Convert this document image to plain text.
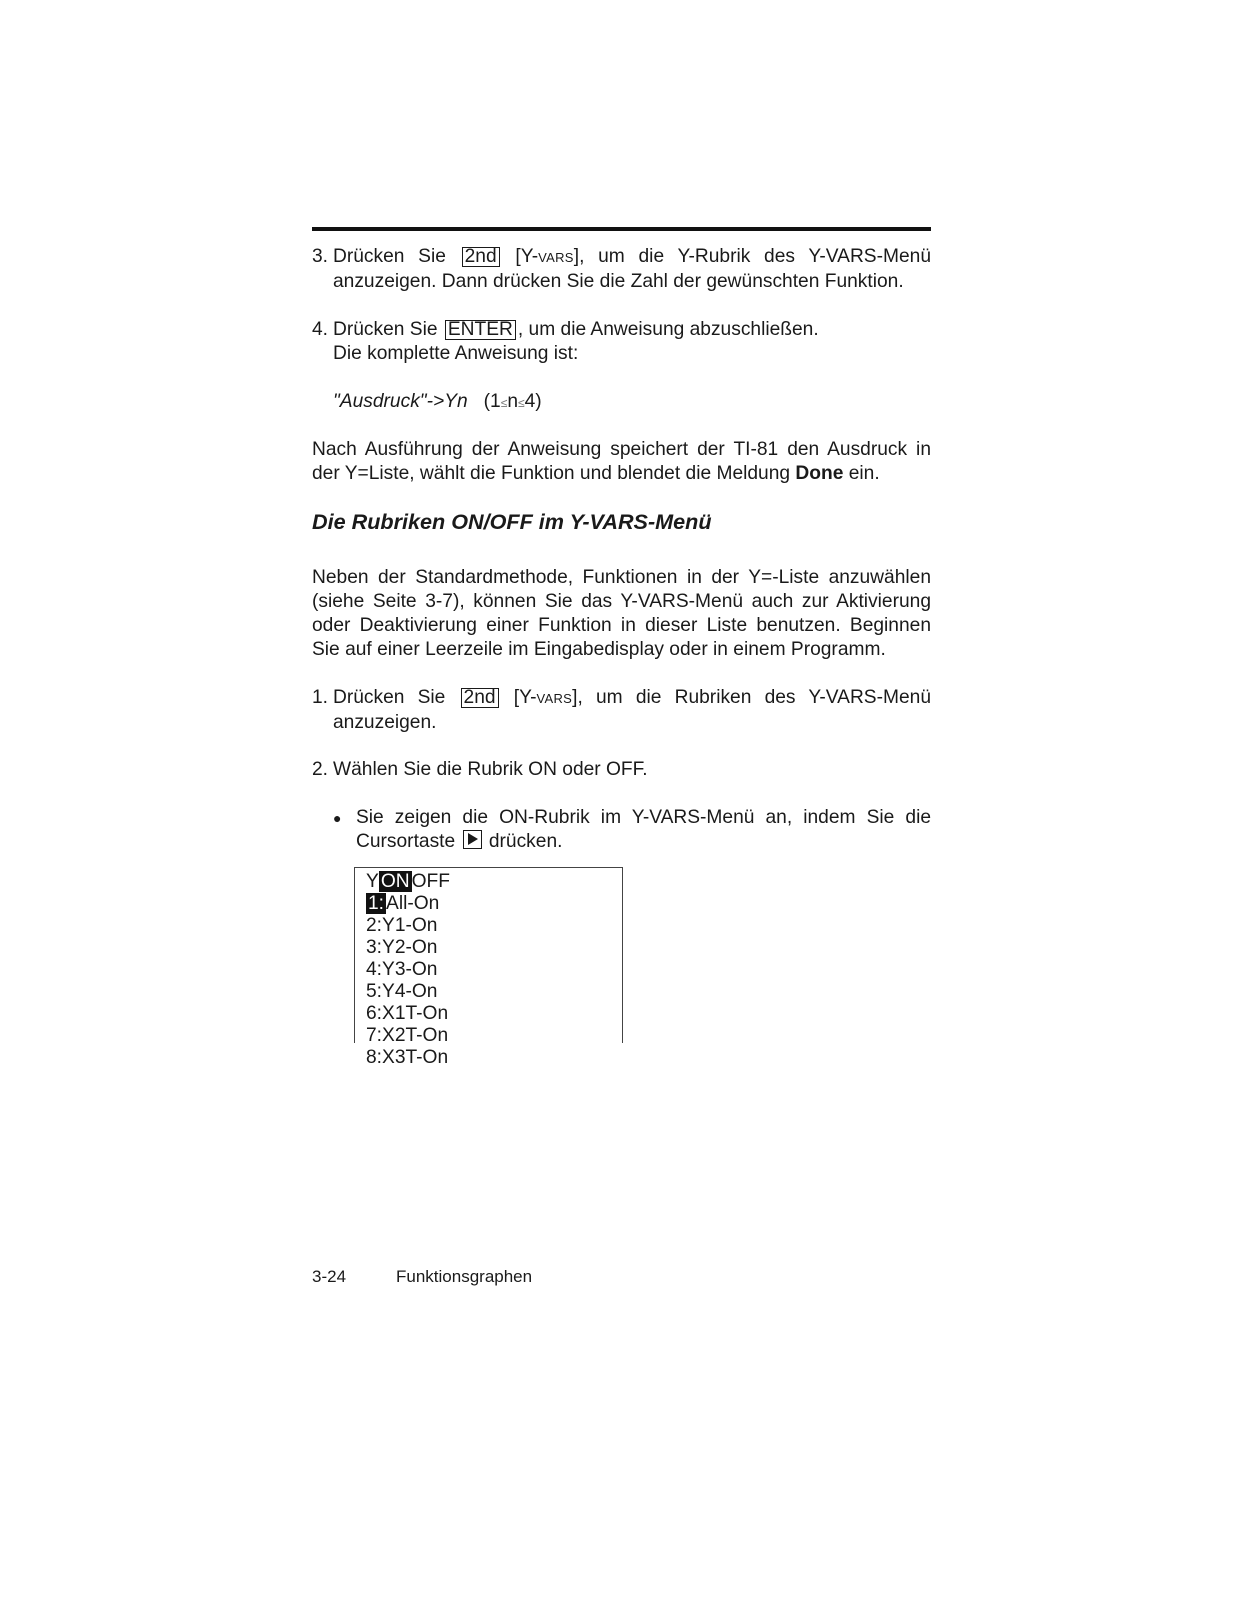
3. Drücken Sie 2nd [Y-VARS], um die Y-Rubrik des Y-VARS-Menü anzuzeigen. Dann drücken Sie die Zahl der gewünschten Funktion.
4. Drücken Sie ENTER , um die Anweisung abzuschließen.
Die komplette Anweisung ist:
"Ausdruck"->Yn (1≤n≤4)

Nach Ausführung der Anweisung speichert der TI-81 den Ausdruck in der Y=Liste, wählt die Funktion und blendet die Meldung Done ein.

Die Rubriken ON/OFF im Y-VARS-Menü

Neben der Standardmethode, Funktionen in der Y=-Liste anzuwählen (siehe Seite 3-7), können Sie das Y-VARS-Menü auch zur Aktivierung oder Deaktivierung einer Funktion in dieser Liste benutzen. Beginnen Sie auf einer Leerzeile im Eingabedisplay oder in einem Programm.

1. Drücken Sie 2nd [Y-VARS], um die Rubriken des Y-VARS-Menü anzuzeigen.
2. Wählen Sie die Rubrik ON oder OFF.
● Sie zeigen die ON-Rubrik im Y-VARS-Menü an, indem Sie die Cursortaste drücken.
Y ON OFF
1: All-On
2:Y1-On
3:Y2-On
4:Y3-On
5:Y4-On
6:X1T-On
7:X2T-On
8:X3T-On
3-24	Funktionsgraphen
